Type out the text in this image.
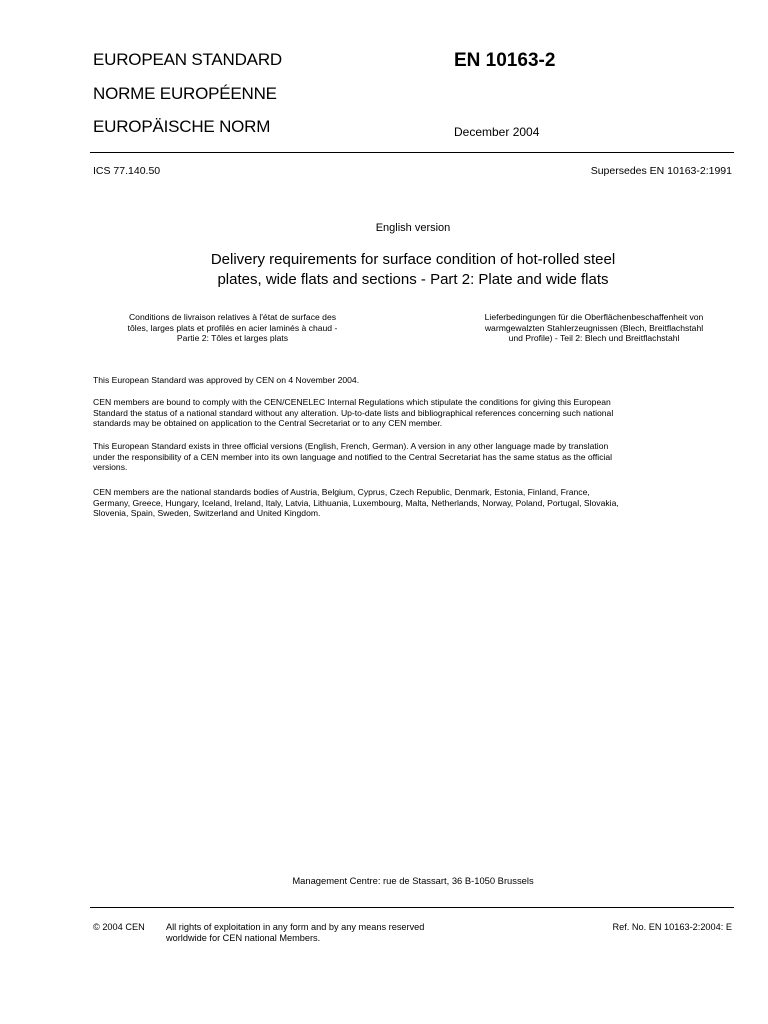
EUROPEAN STANDARD
NORME EUROPÉENNE
EUROPÄISCHE NORM
EN 10163-2
December 2004
ICS 77.140.50	Supersedes EN 10163-2:1991
English version
Delivery requirements for surface condition of hot-rolled steel
plates, wide flats and sections - Part 2: Plate and wide flats
Conditions de livraison relatives à l'état de surface des
tôles, larges plats et profilés en acier laminés à chaud -
Partie 2: Tôles et larges plats
Lieferbedingungen für die Oberflächenbeschaffenheit von
warmgewalzten Stahlerzeugnissen (Blech, Breitflachstahl
und Profile) - Teil 2: Blech und Breitflachstahl
This European Standard was approved by CEN on 4 November 2004.
CEN members are bound to comply with the CEN/CENELEC Internal Regulations which stipulate the conditions for giving this European
Standard the status of a national standard without any alteration. Up-to-date lists and bibliographical references concerning such national
standards may be obtained on application to the Central Secretariat or to any CEN member.
This European Standard exists in three official versions (English, French, German). A version in any other language made by translation
under the responsibility of a CEN member into its own language and notified to the Central Secretariat has the same status as the official
versions.
CEN members are the national standards bodies of Austria, Belgium, Cyprus, Czech Republic, Denmark, Estonia, Finland, France,
Germany, Greece, Hungary, Iceland, Ireland, Italy, Latvia, Lithuania, Luxembourg, Malta, Netherlands, Norway, Poland, Portugal, Slovakia,
Slovenia, Spain, Sweden, Switzerland and United Kingdom.
Management Centre: rue de Stassart, 36 B-1050 Brussels
© 2004 CEN All rights of exploitation in any form and by any means reserved
worldwide for CEN national Members.
Ref. No. EN 10163-2:2004: E
